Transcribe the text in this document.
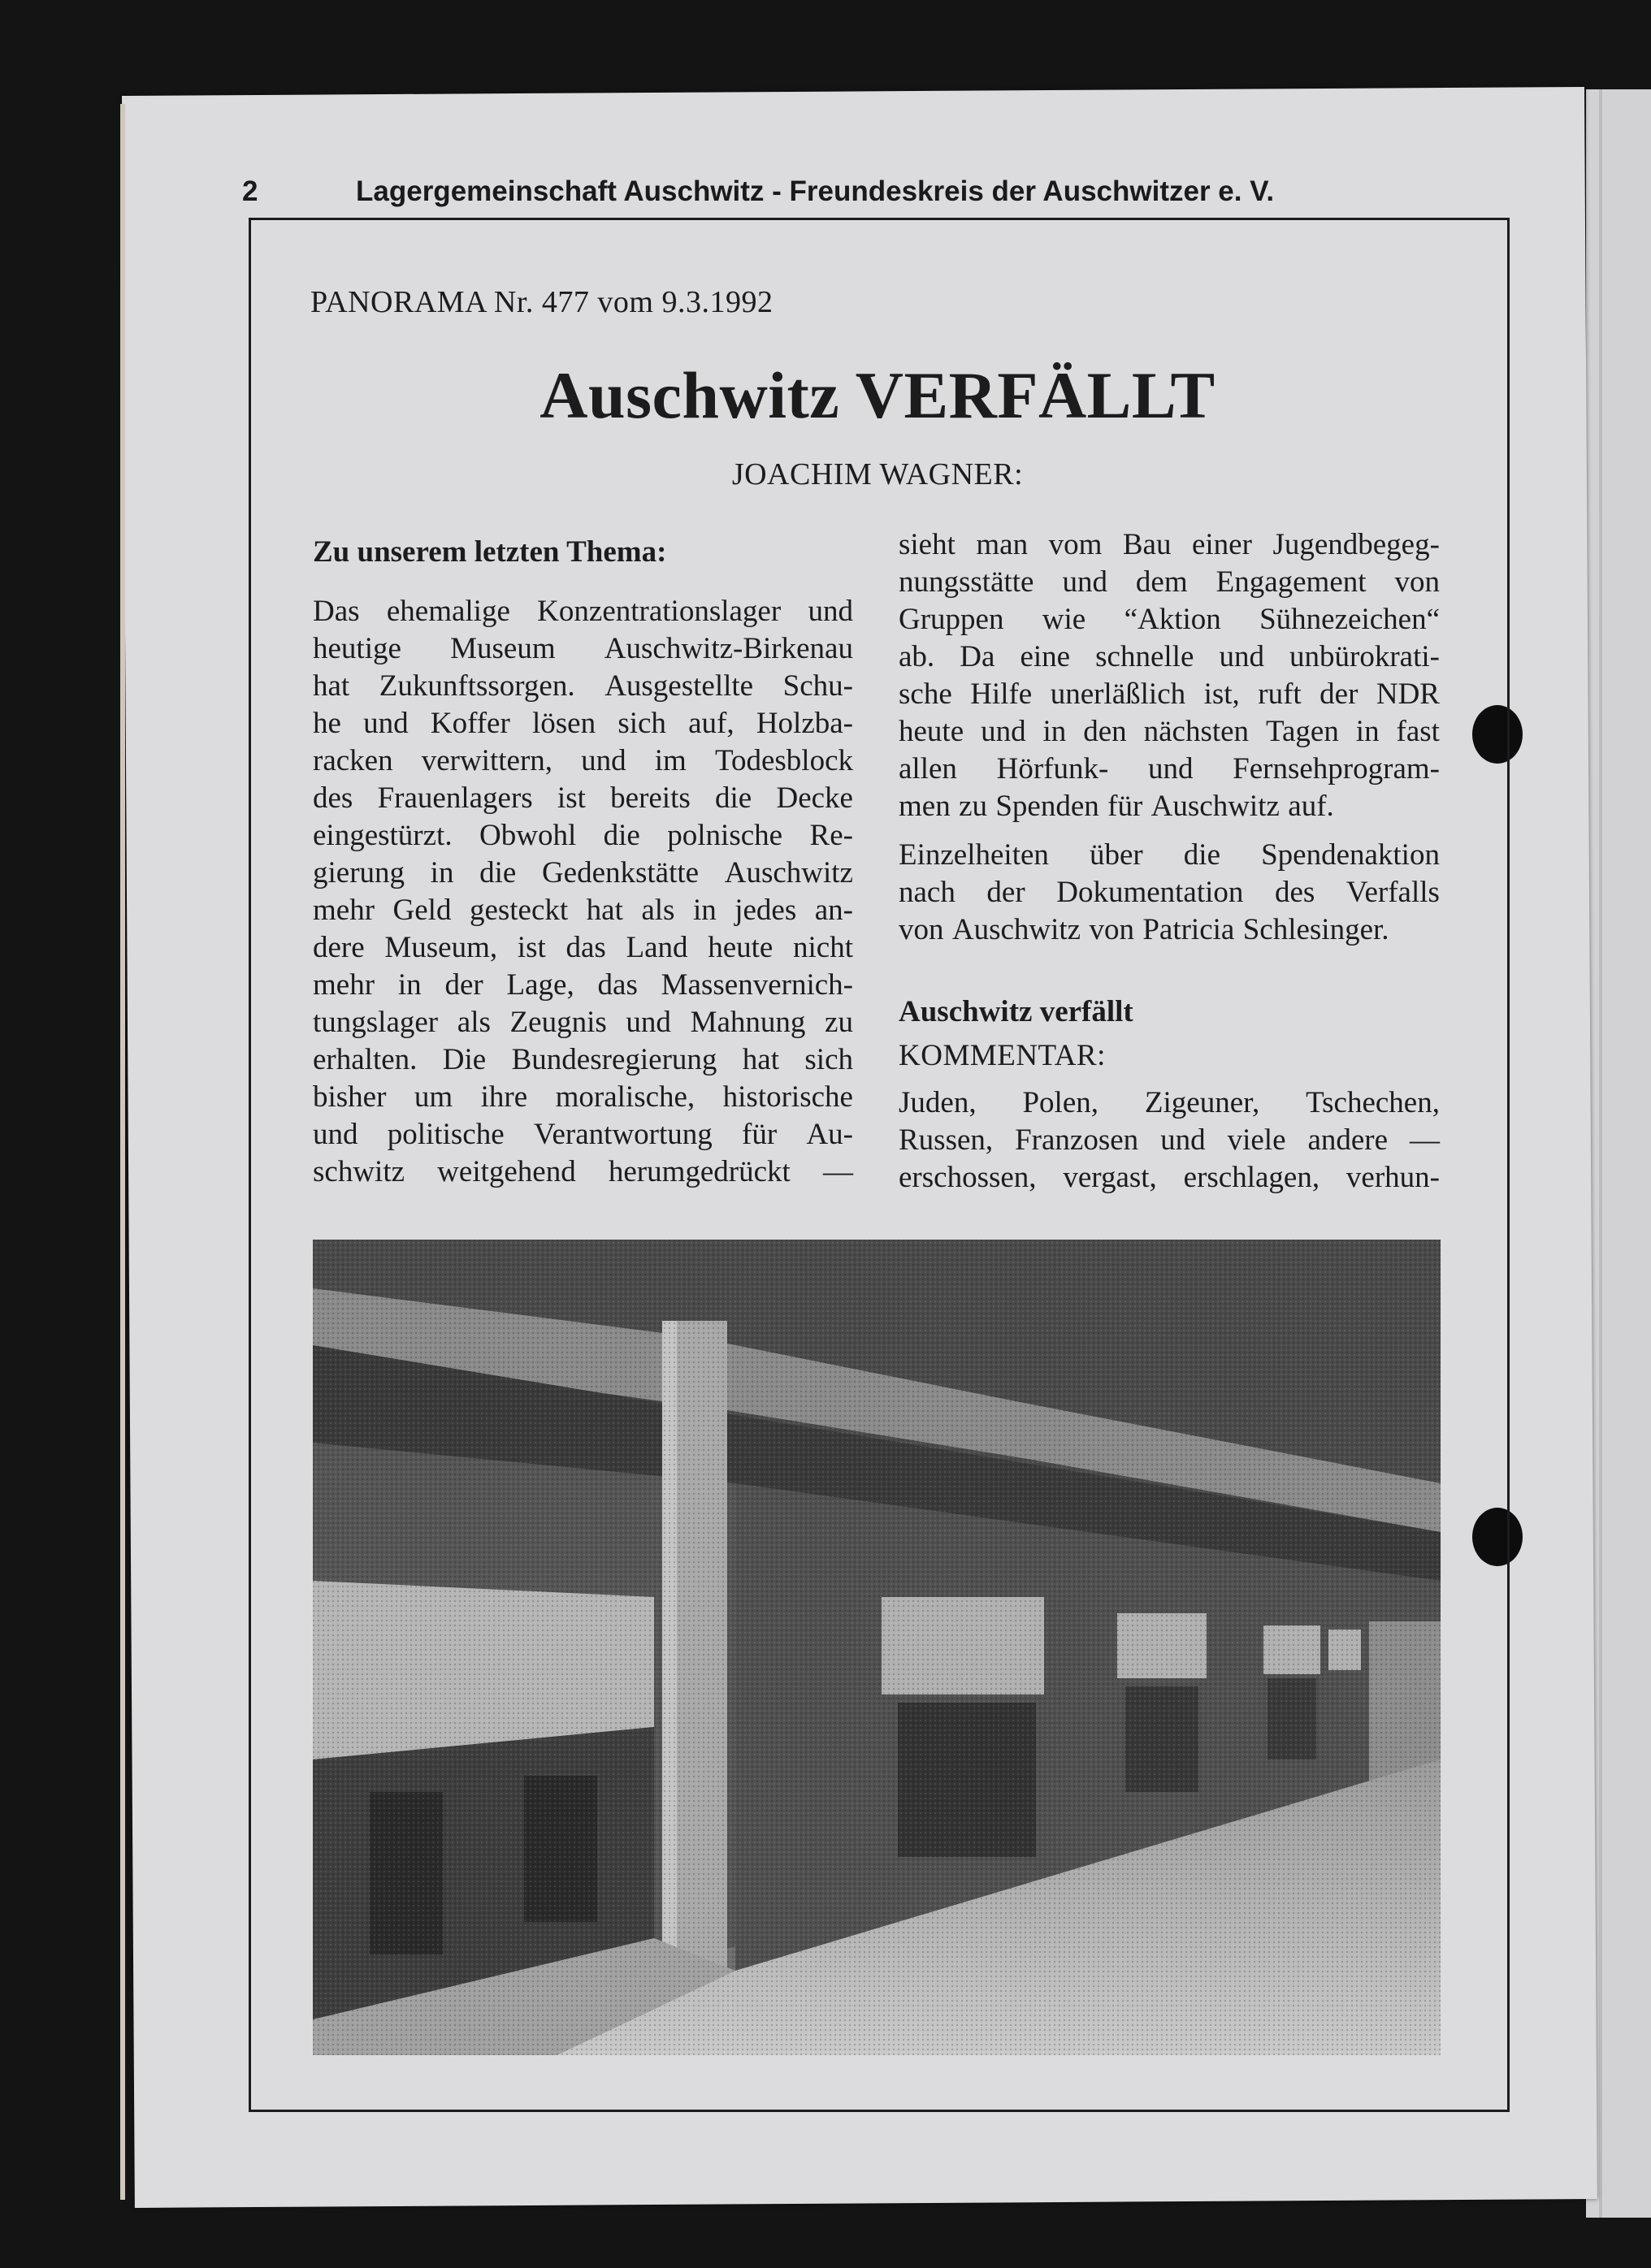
2	Lagergemeinschaft Auschwitz - Freundeskreis der Auschwitzer e. V.
PANORAMA Nr. 477 vom 9.3.1992
Auschwitz VERFÄLLT
JOACHIM WAGNER:
Zu unserem letzten Thema:
Das ehemalige Konzentrationslager und
heutige Museum Auschwitz-Birkenau
hat Zukunftssorgen. Ausgestellte Schu-
he und Koffer lösen sich auf, Holzba-
racken verwittern, und im Todesblock
des Frauenlagers ist bereits die Decke
eingestürzt. Obwohl die polnische Re-
gierung in die Gedenkstätte Auschwitz
mehr Geld gesteckt hat als in jedes an-
dere Museum, ist das Land heute nicht
mehr in der Lage, das Massenvernich-
tungslager als Zeugnis und Mahnung zu
erhalten. Die Bundesregierung hat sich
bisher um ihre moralische, historische
und politische Verantwortung für Au-
schwitz weitgehend herumgedrückt —
sieht man vom Bau einer Jugendbegeg-
nungsstätte und dem Engagement von
Gruppen wie “Aktion Sühnezeichen“
ab. Da eine schnelle und unbürokrati-
sche Hilfe unerläßlich ist, ruft der NDR
heute und in den nächsten Tagen in fast
allen Hörfunk- und Fernsehprogram-
men zu Spenden für Auschwitz auf.
Einzelheiten über die Spendenaktion
nach der Dokumentation des Verfalls
von Auschwitz von Patricia Schlesinger.
Auschwitz verfällt
KOMMENTAR:
Juden, Polen, Zigeuner, Tschechen,
Russen, Franzosen und viele andere —
erschossen, vergast, erschlagen, verhun-
